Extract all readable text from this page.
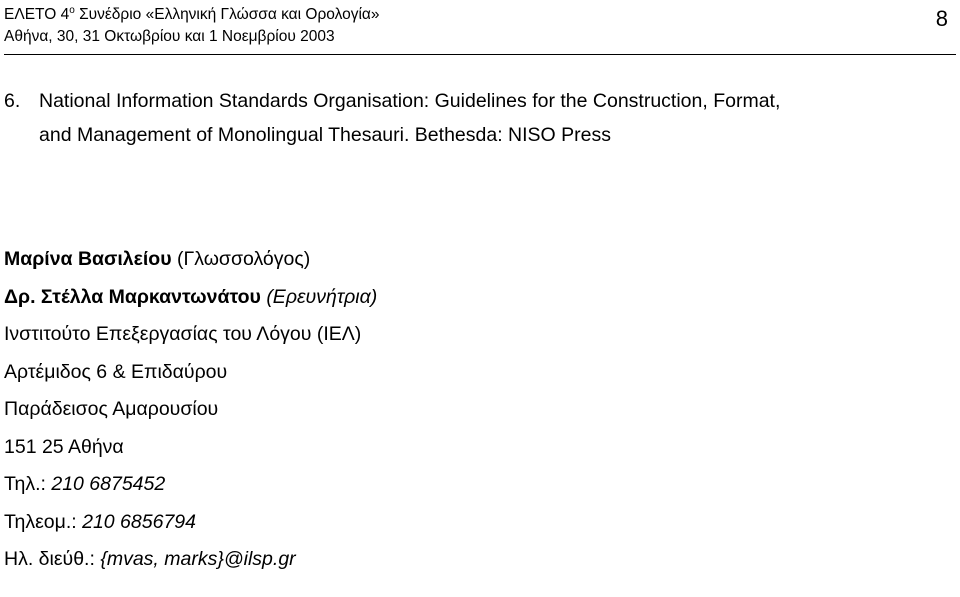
ΕΛΕΤΟ $4^o$ Συνέδριο «Ελληνική Γλώσσα και Ορολογία»
Αθήνα, 30, 31 Οκτωβρίου και 1 Νοεμβρίου 2003
8
6. National Information Standards Organisation: Guidelines for the Construction, Format,
and Management of Monolingual Thesauri. Bethesda: NISO Press
Μαρίνα Βασιλείου (Γλωσσολόγος)
Δρ. Στέλλα Μαρκαντωνάτου (Ερευνήτρια)
Ινστιτούτο Επεξεργασίας του Λόγου (ΙΕΛ)
Αρτέμιδος 6 & Επιδαύρου
Παράδεισος Αμαρουσίου
151 25 Αθήνα
Τηλ.: 210 6875452
Τηλεομ.: 210 6856794
Ηλ. διεύθ.: {mvas, marks}@ilsp.gr
